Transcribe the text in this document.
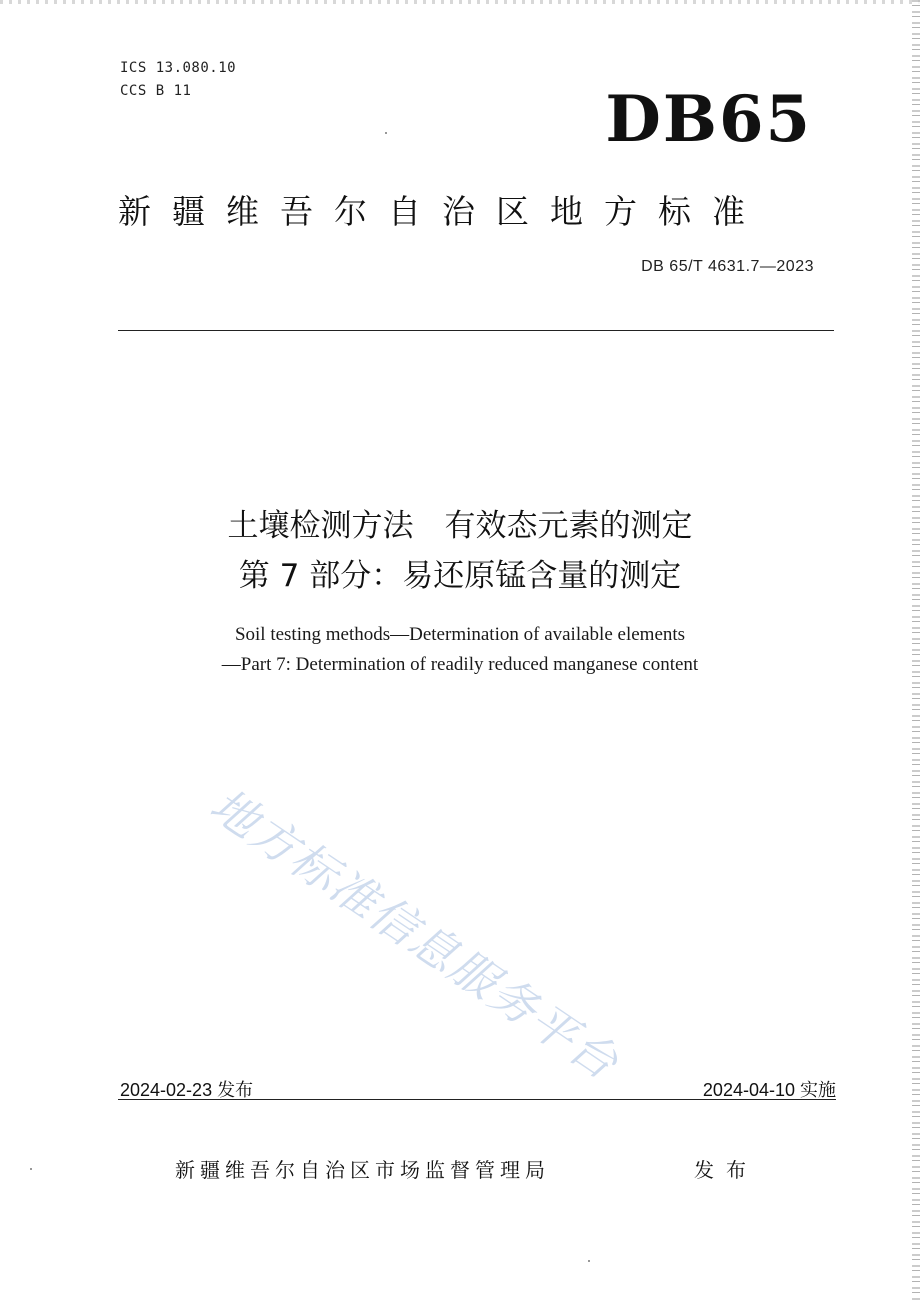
ICS 13.080.10
CCS B 11	DB65
新疆维吾尔自治区地方标准
DB 65/T 4631.7—2023
土壤检测方法　有效态元素的测定
第 7 部分：易还原锰含量的测定
Soil testing methods—Determination of available elements
—Part 7: Determination of readily reduced manganese content
地方标准信息服务平台
2024-02-23 发布	2024-04-10 实施
新疆维吾尔自治区市场监督管理局	发布
